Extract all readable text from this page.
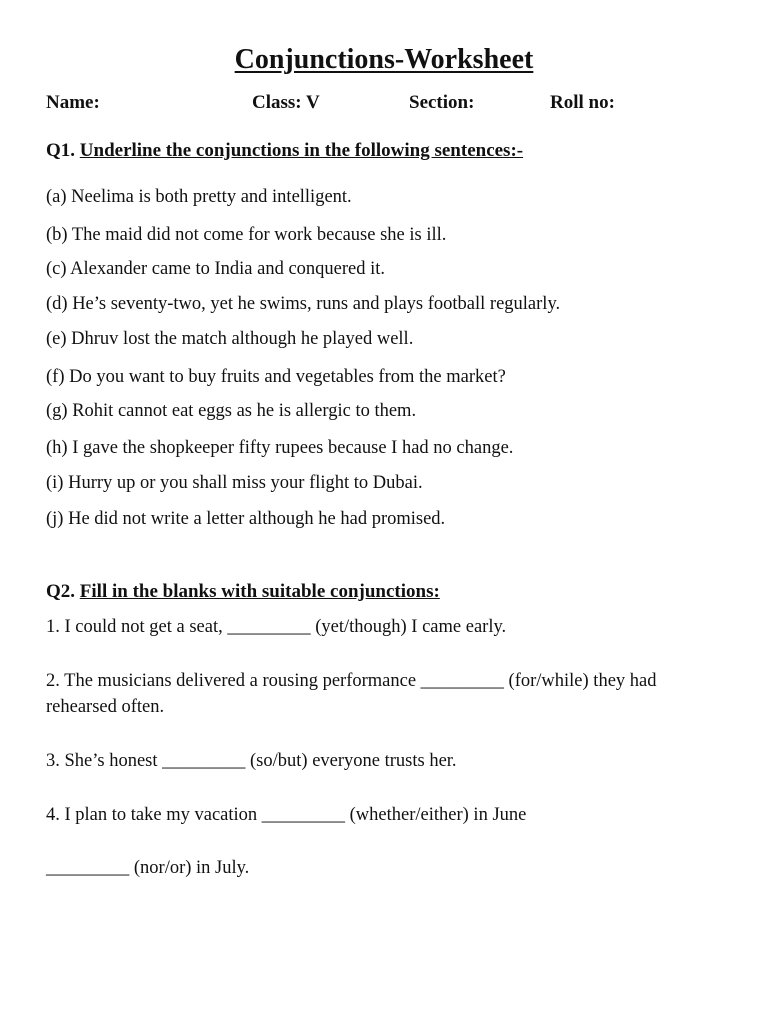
Conjunctions-Worksheet
Name:	Class: V	Section:	Roll no:
Q1. Underline the conjunctions in the following sentences:-
(a) Neelima is both pretty and intelligent.
(b) The maid did not come for work because she is ill.
(c) Alexander came to India and conquered it.
(d) He’s seventy-two, yet he swims, runs and plays football regularly.
(e) Dhruv lost the match although he played well.
(f) Do you want to buy fruits and vegetables from the market?
(g) Rohit cannot eat eggs as he is allergic to them.
(h) I gave the shopkeeper fifty rupees because I had no change.
(i) Hurry up or you shall miss your flight to Dubai.
(j) He did not write a letter although he had promised.
Q2. Fill in the blanks with suitable conjunctions:
1. I could not get a seat, _________ (yet/though) I came early.
2. The musicians delivered a rousing performance _________ (for/while) they had rehearsed often.
3. She’s honest _________ (so/but) everyone trusts her.
4. I plan to take my vacation _________ (whether/either) in June
_________ (nor/or) in July.
